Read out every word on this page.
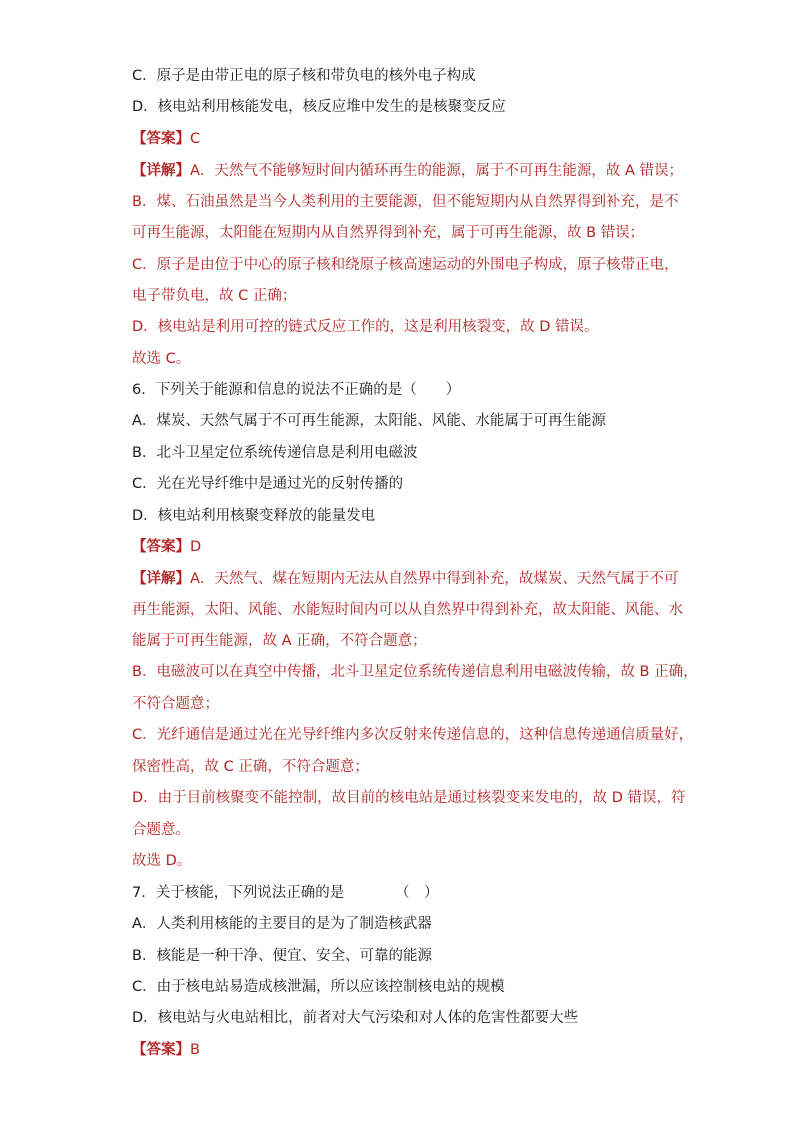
C．原子是由带正电的原子核和带负电的核外电子构成
D．核电站利用核能发电，核反应堆中发生的是核聚变反应
【答案】C
【详解】A．天然气不能够短时间内循环再生的能源，属于不可再生能源，故 A 错误；
B．煤、石油虽然是当今人类利用的主要能源，但不能短期内从自然界得到补充，是不
可再生能源，太阳能在短期内从自然界得到补充，属于可再生能源，故 B 错误；
C．原子是由位于中心的原子核和绕原子核高速运动的外围电子构成，原子核带正电，
电子带负电，故 C 正确；
D．核电站是利用可控的链式反应工作的，这是利用核裂变，故 D 错误。
故选 C。
6．下列关于能源和信息的说法不正确的是（　　）
A．煤炭、天然气属于不可再生能源，太阳能、风能、水能属于可再生能源
B．北斗卫星定位系统传递信息是利用电磁波
C．光在光导纤维中是通过光的反射传播的
D．核电站利用核聚变释放的能量发电
【答案】D
【详解】A．天然气、煤在短期内无法从自然界中得到补充，故煤炭、天然气属于不可
再生能源，太阳、风能、水能短时间内可以从自然界中得到补充，故太阳能、风能、水
能属于可再生能源，故 A 正确，不符合题意；
B．电磁波可以在真空中传播，北斗卫星定位系统传递信息利用电磁波传输，故 B 正确，
不符合题意；
C．光纤通信是通过光在光导纤维内多次反射来传递信息的，这种信息传递通信质量好，
保密性高，故 C 正确，不符合题意；
D．由于目前核聚变不能控制，故目前的核电站是通过核裂变来发电的，故 D 错误，符
合题意。
故选 D。
7．关于核能，下列说法正确的是　　　　（　）
A．人类利用核能的主要目的是为了制造核武器
B．核能是一种干净、便宜、安全、可靠的能源
C．由于核电站易造成核泄漏，所以应该控制核电站的规模
D．核电站与火电站相比，前者对大气污染和对人体的危害性都要大些
【答案】B
